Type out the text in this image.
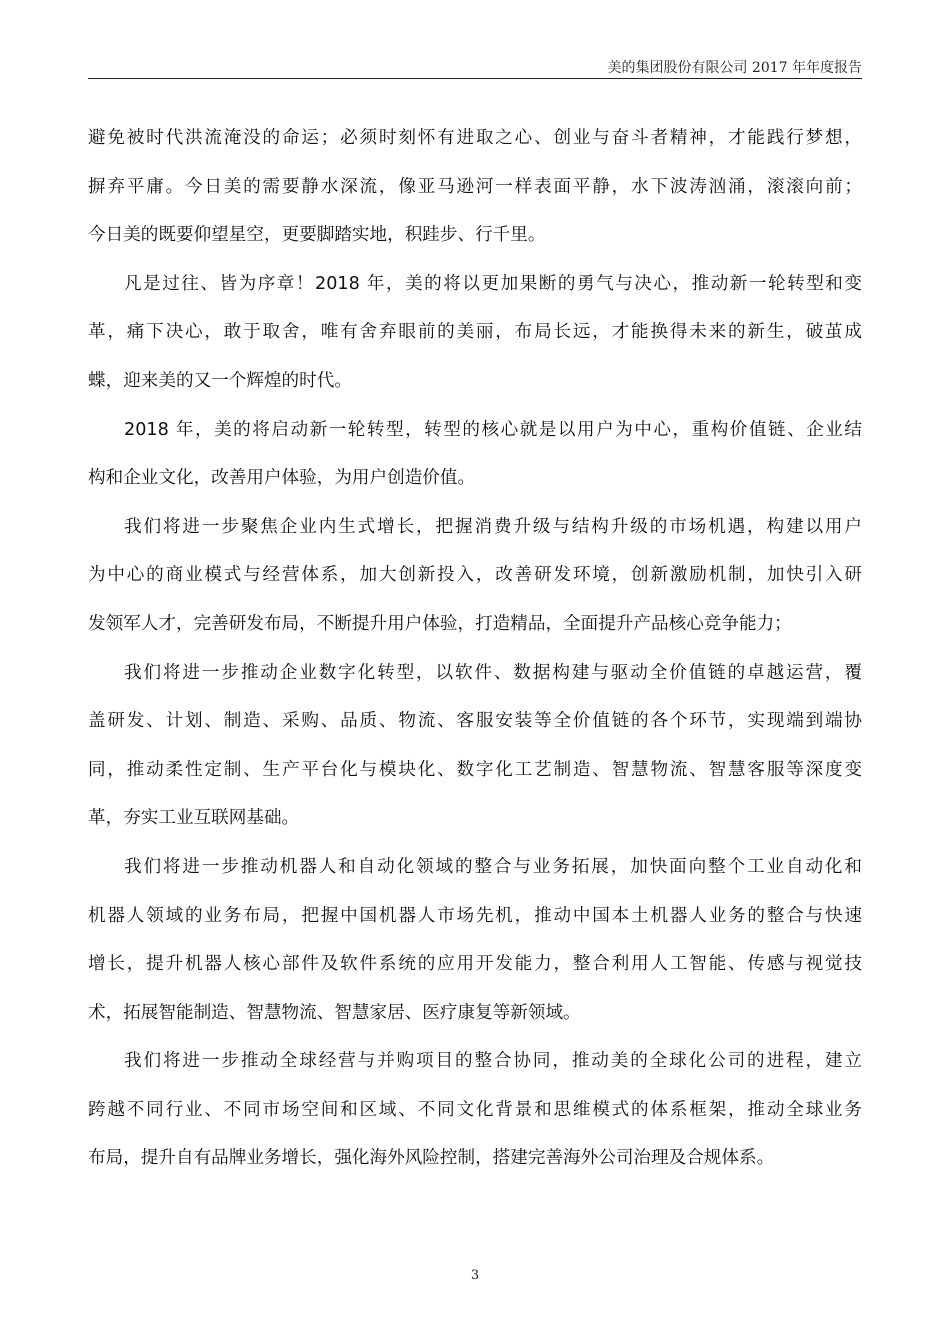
美的集团股份有限公司 2017 年年度报告
避免被时代洪流淹没的命运；必须时刻怀有进取之心、创业与奋斗者精神，才能践行梦想，
摒弃平庸。今日美的需要静水深流，像亚马逊河一样表面平静，水下波涛汹涌，滚滚向前；
今日美的既要仰望星空，更要脚踏实地，积跬步、行千里。
凡是过往、皆为序章！2018 年，美的将以更加果断的勇气与决心，推动新一轮转型和变
革，痛下决心，敢于取舍，唯有舍弃眼前的美丽，布局长远，才能换得未来的新生，破茧成
蝶，迎来美的又一个辉煌的时代。
2018 年，美的将启动新一轮转型，转型的核心就是以用户为中心，重构价值链、企业结
构和企业文化，改善用户体验，为用户创造价值。
我们将进一步聚焦企业内生式增长，把握消费升级与结构升级的市场机遇，构建以用户
为中心的商业模式与经营体系，加大创新投入，改善研发环境，创新激励机制，加快引入研
发领军人才，完善研发布局，不断提升用户体验，打造精品，全面提升产品核心竞争能力；
我们将进一步推动企业数字化转型，以软件、数据构建与驱动全价值链的卓越运营，覆
盖研发、计划、制造、采购、品质、物流、客服安装等全价值链的各个环节，实现端到端协
同，推动柔性定制、生产平台化与模块化、数字化工艺制造、智慧物流、智慧客服等深度变
革，夯实工业互联网基础。
我们将进一步推动机器人和自动化领域的整合与业务拓展，加快面向整个工业自动化和
机器人领域的业务布局，把握中国机器人市场先机，推动中国本土机器人业务的整合与快速
增长，提升机器人核心部件及软件系统的应用开发能力，整合利用人工智能、传感与视觉技
术，拓展智能制造、智慧物流、智慧家居、医疗康复等新领域。
我们将进一步推动全球经营与并购项目的整合协同，推动美的全球化公司的进程，建立
跨越不同行业、不同市场空间和区域、不同文化背景和思维模式的体系框架，推动全球业务
布局，提升自有品牌业务增长，强化海外风险控制，搭建完善海外公司治理及合规体系。
3
